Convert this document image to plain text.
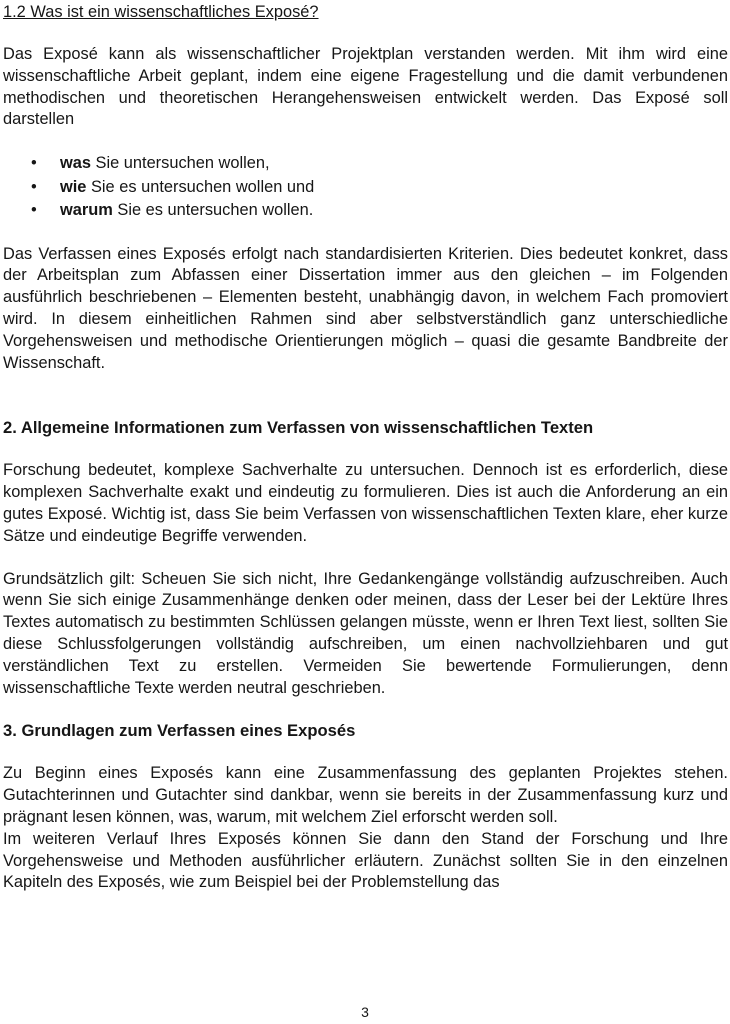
1.2 Was ist ein wissenschaftliches Exposé?

Das Exposé kann als wissenschaftlicher Projektplan verstanden werden. Mit ihm wird eine wissenschaftliche Arbeit geplant, indem eine eigene Fragestellung und die damit verbundenen methodischen und theoretischen Herangehensweisen entwickelt werden. Das Exposé soll darstellen

• was Sie untersuchen wollen,
• wie Sie es untersuchen wollen und
• warum Sie es untersuchen wollen.

Das Verfassen eines Exposés erfolgt nach standardisierten Kriterien. Dies bedeutet konkret, dass der Arbeitsplan zum Abfassen einer Dissertation immer aus den gleichen – im Folgenden ausführlich beschriebenen – Elementen besteht, unabhängig davon, in welchem Fach promoviert wird. In diesem einheitlichen Rahmen sind aber selbstverständlich ganz unterschiedliche Vorgehensweisen und methodische Orientierungen möglich – quasi die gesamte Bandbreite der Wissenschaft.

2. Allgemeine Informationen zum Verfassen von wissenschaftlichen Texten

Forschung bedeutet, komplexe Sachverhalte zu untersuchen. Dennoch ist es erforderlich, diese komplexen Sachverhalte exakt und eindeutig zu formulieren. Dies ist auch die Anforderung an ein gutes Exposé. Wichtig ist, dass Sie beim Verfassen von wissenschaftlichen Texten klare, eher kurze Sätze und eindeutige Begriffe verwenden.

Grundsätzlich gilt: Scheuen Sie sich nicht, Ihre Gedankengänge vollständig aufzuschreiben. Auch wenn Sie sich einige Zusammenhänge denken oder meinen, dass der Leser bei der Lektüre Ihres Textes automatisch zu bestimmten Schlüssen gelangen müsste, wenn er Ihren Text liest, sollten Sie diese Schlussfolgerungen vollständig aufschreiben, um einen nachvollziehbaren und gut verständlichen Text zu erstellen. Vermeiden Sie bewertende Formulierungen, denn wissenschaftliche Texte werden neutral geschrieben.

3. Grundlagen zum Verfassen eines Exposés

Zu Beginn eines Exposés kann eine Zusammenfassung des geplanten Projektes stehen. Gutachterinnen und Gutachter sind dankbar, wenn sie bereits in der Zusammenfassung kurz und prägnant lesen können, was, warum, mit welchem Ziel erforscht werden soll.

Im weiteren Verlauf Ihres Exposés können Sie dann den Stand der Forschung und Ihre Vorgehensweise und Methoden ausführlicher erläutern. Zunächst sollten Sie in den einzelnen Kapiteln des Exposés, wie zum Beispiel bei der Problemstellung das

3
